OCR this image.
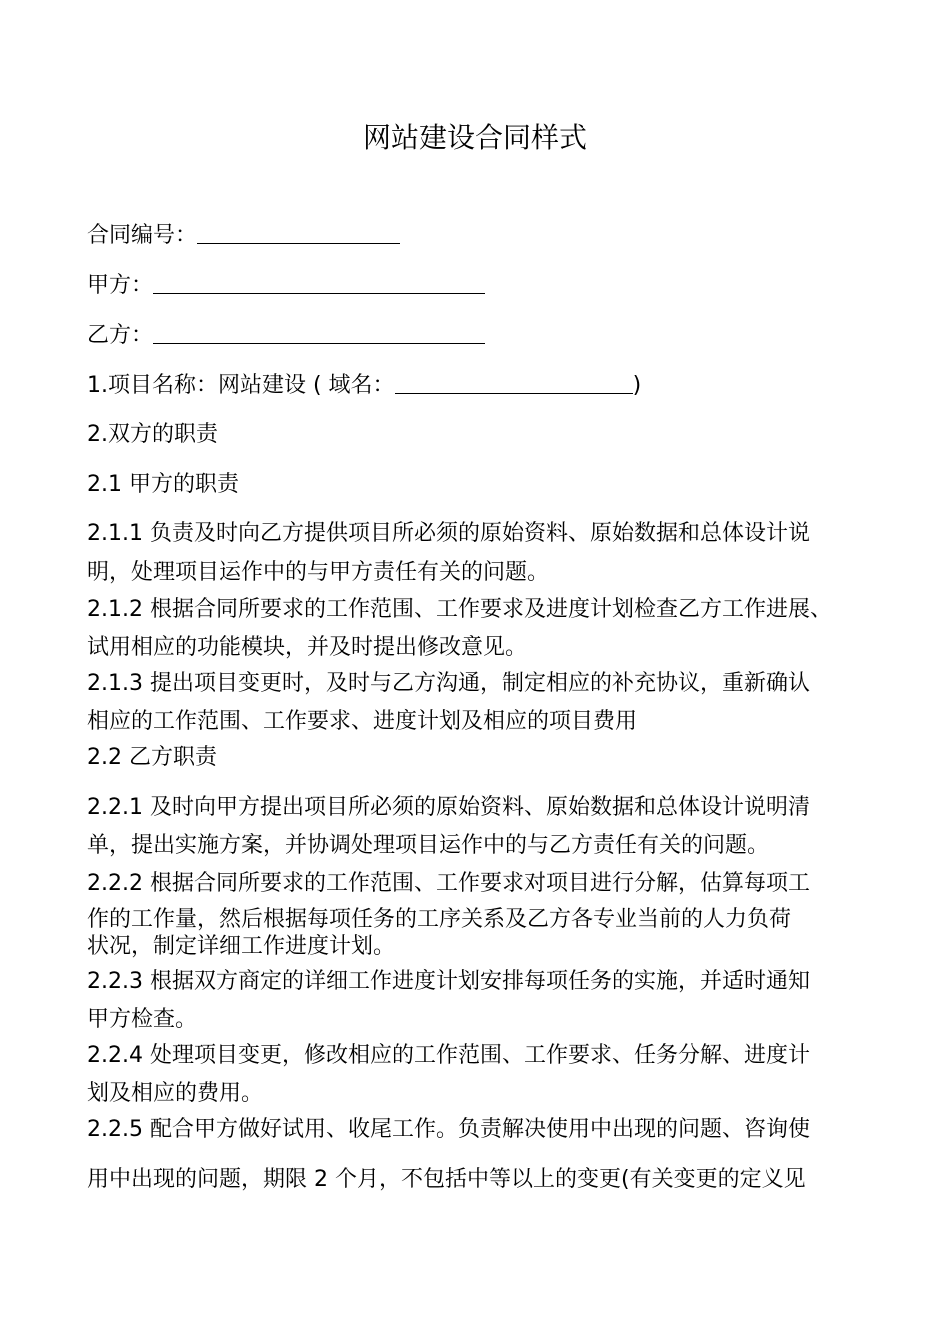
网站建设合同样式
合同编号：
甲方：
乙方：
1.项目名称：网站建设 ( 域名：	)
2.双方的职责
2.1 甲方的职责
2.1.1 负责及时向乙方提供项目所必须的原始资料、原始数据和总体设计说
明，处理项目运作中的与甲方责任有关的问题。
2.1.2 根据合同所要求的工作范围、工作要求及进度计划检查乙方工作进展、
试用相应的功能模块，并及时提出修改意见。
2.1.3 提出项目变更时，及时与乙方沟通，制定相应的补充协议，重新确认
相应的工作范围、工作要求、进度计划及相应的项目费用
2.2 乙方职责
2.2.1 及时向甲方提出项目所必须的原始资料、原始数据和总体设计说明清
单，提出实施方案，并协调处理项目运作中的与乙方责任有关的问题。
2.2.2 根据合同所要求的工作范围、工作要求对项目进行分解，估算每项工
作的工作量，然后根据每项任务的工序关系及乙方各专业当前的人力负荷
状况，制定详细工作进度计划。
2.2.3 根据双方商定的详细工作进度计划安排每项任务的实施，并适时通知
甲方检查。
2.2.4 处理项目变更，修改相应的工作范围、工作要求、任务分解、进度计
划及相应的费用。
2.2.5 配合甲方做好试用、收尾工作。负责解决使用中出现的问题、咨询使
用中出现的问题，期限 2 个月，不包括中等以上的变更(有关变更的定义见
